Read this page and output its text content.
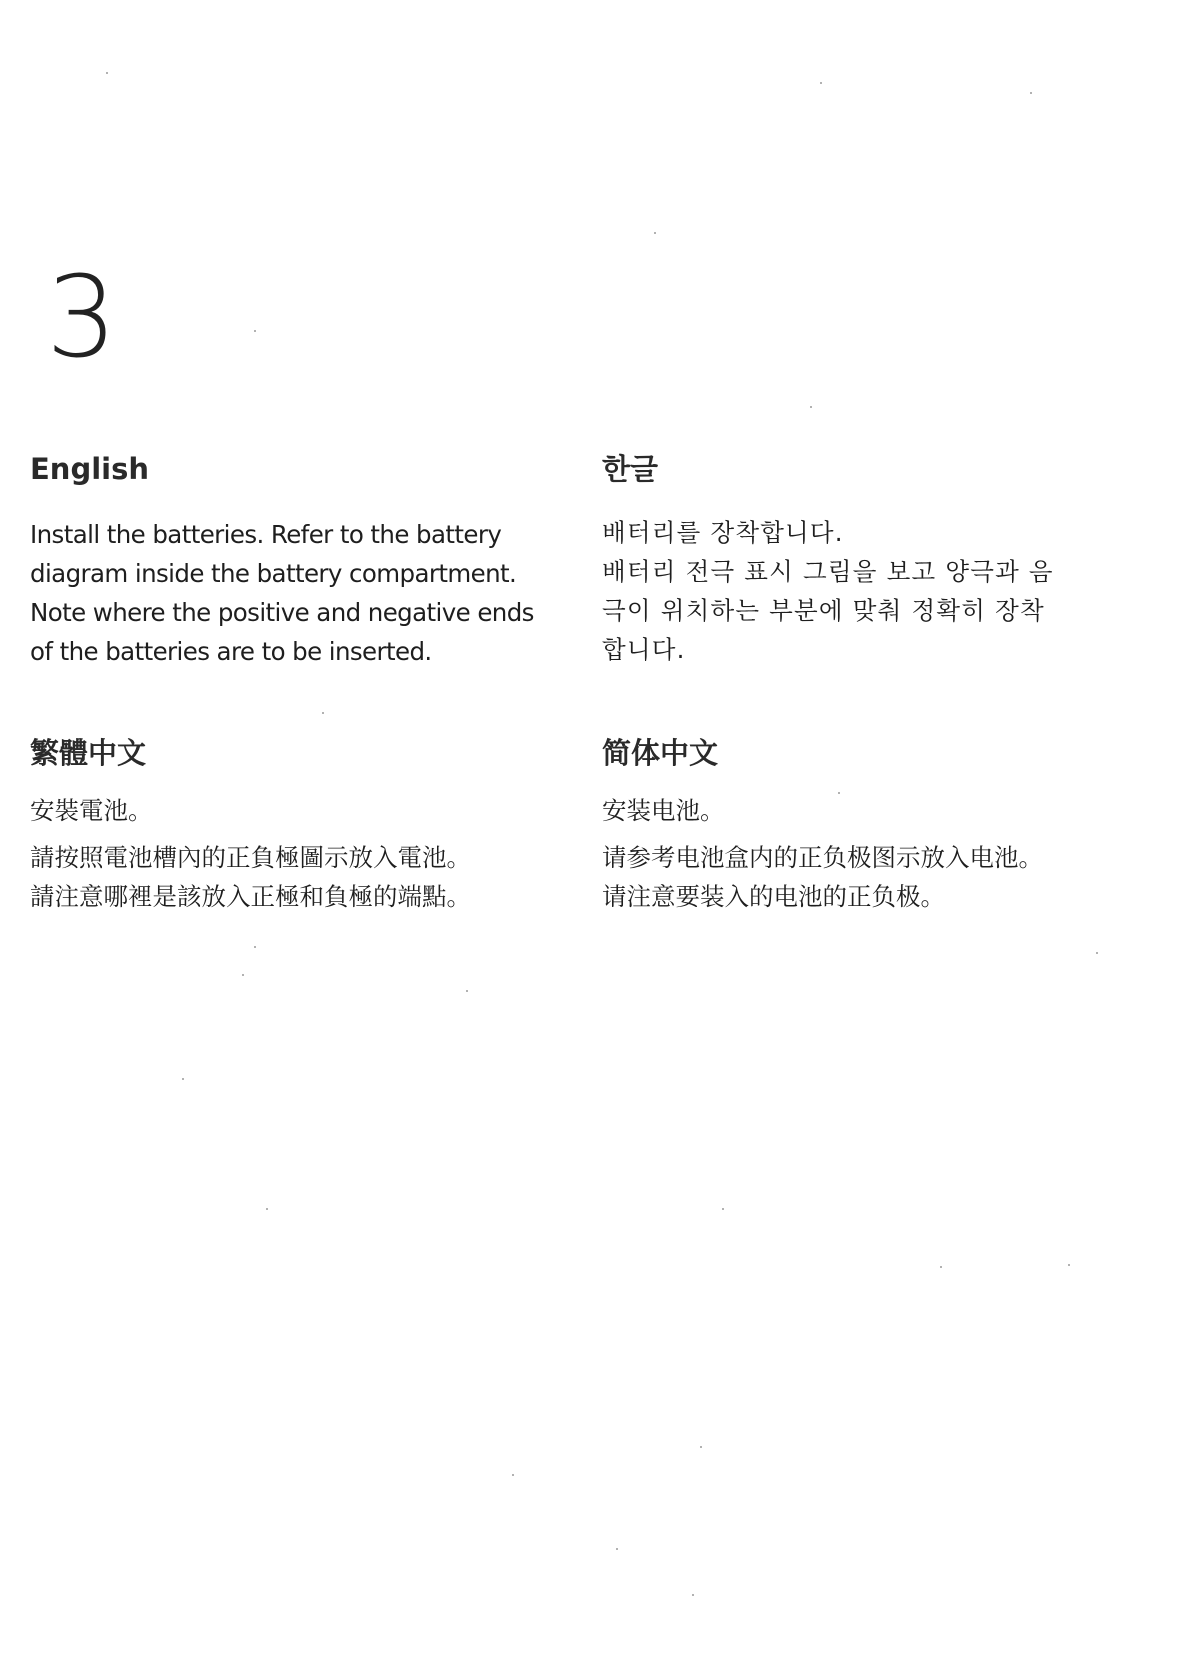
3
English

Install the batteries. Refer to the battery
diagram inside the battery compartment.
Note where the positive and negative ends
of the batteries are to be inserted.

한글

배터리를 장착합니다.
배터리 전극 표시 그림을 보고 양극과 음
극이 위치하는 부분에 맞춰 정확히 장착
합니다.

繁體中文

安裝電池。

請按照電池槽內的正負極圖示放入電池。
請注意哪裡是該放入正極和負極的端點。

简体中文

安装电池。

请参考电池盒内的正负极图示放入电池。
请注意要装入的电池的正负极。
